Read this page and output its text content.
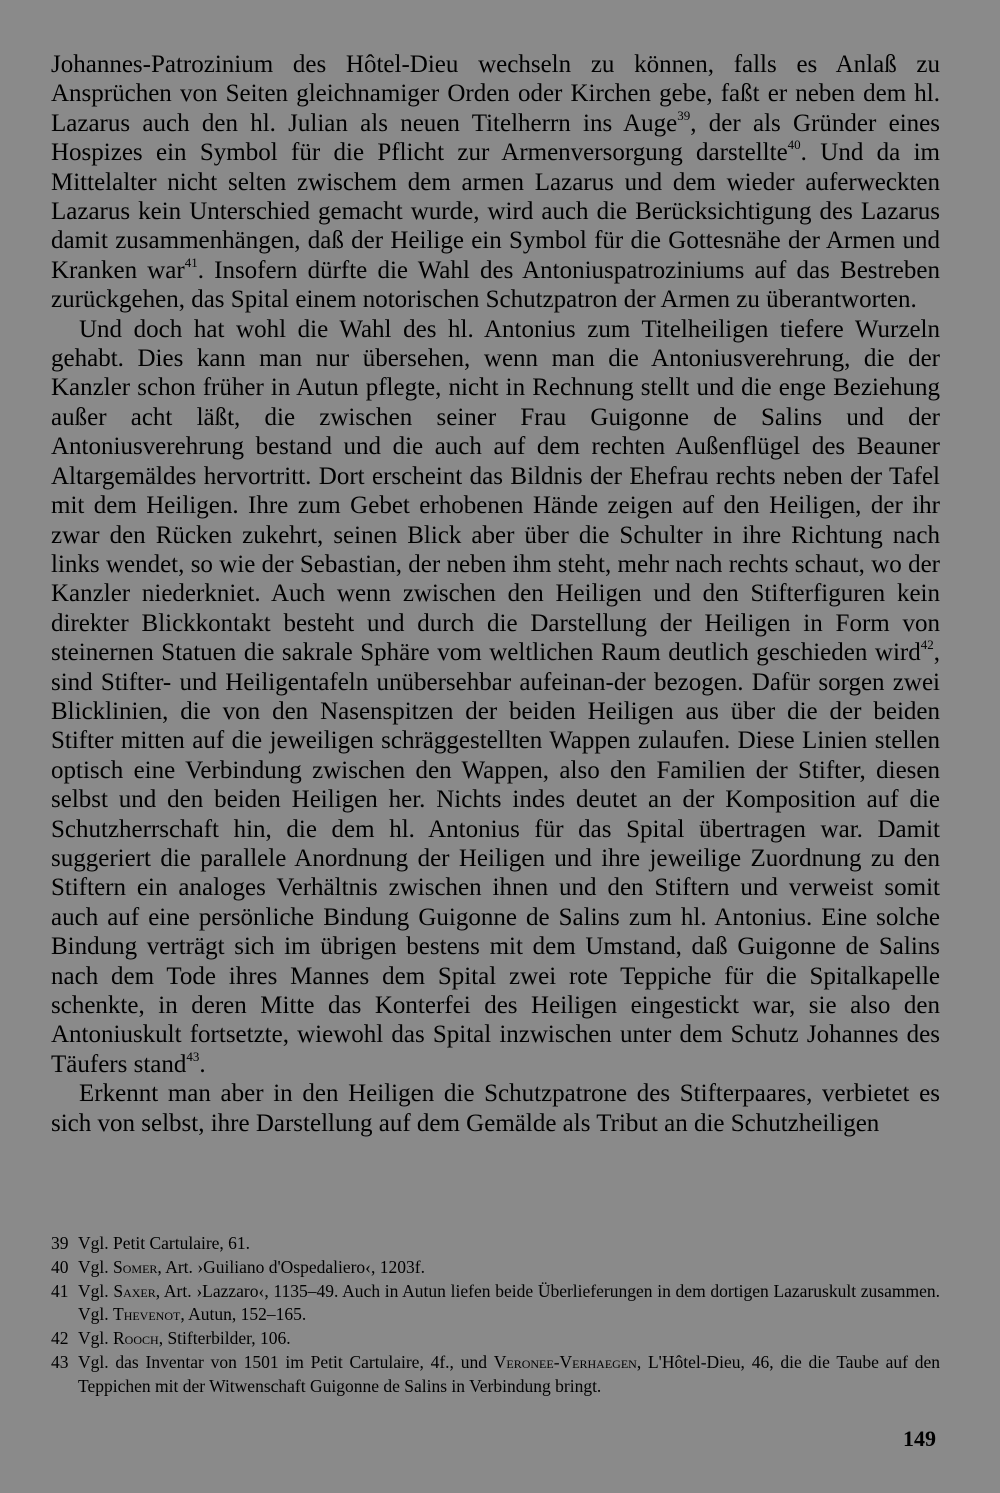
Johannes-Patrozinium des Hôtel-Dieu wechseln zu können, falls es Anlaß zu Ansprüchen von Seiten gleichnamiger Orden oder Kirchen gebe, faßt er neben dem hl. Lazarus auch den hl. Julian als neuen Titelherrn ins Auge$^{39}$, der als Gründer eines Hospizes ein Symbol für die Pflicht zur Armenversorgung darstellte$^{40}$. Und da im Mittelalter nicht selten zwischem dem armen Lazarus und dem wieder auferweckten Lazarus kein Unterschied gemacht wurde, wird auch die Berücksichtigung des Lazarus damit zusammenhängen, daß der Heilige ein Symbol für die Gottesnähe der Armen und Kranken war$^{41}$. Insofern dürfte die Wahl des Antoniuspatroziniums auf das Bestreben zurückgehen, das Spital einem notorischen Schutzpatron der Armen zu überantworten.

Und doch hat wohl die Wahl des hl. Antonius zum Titelheiligen tiefere Wurzeln gehabt. Dies kann man nur übersehen, wenn man die Antoniusverehrung, die der Kanzler schon früher in Autun pflegte, nicht in Rechnung stellt und die enge Beziehung außer acht läßt, die zwischen seiner Frau Guigonne de Salins und der Antoniusverehrung bestand und die auch auf dem rechten Außenflügel des Beauner Altargemäldes hervortritt. Dort erscheint das Bildnis der Ehefrau rechts neben der Tafel mit dem Heiligen. Ihre zum Gebet erhobenen Hände zeigen auf den Heiligen, der ihr zwar den Rücken zukehrt, seinen Blick aber über die Schulter in ihre Richtung nach links wendet, so wie der Sebastian, der neben ihm steht, mehr nach rechts schaut, wo der Kanzler niederkniet. Auch wenn zwischen den Heiligen und den Stifterfiguren kein direkter Blickkontakt besteht und durch die Darstellung der Heiligen in Form von steinernen Statuen die sakrale Sphäre vom weltlichen Raum deutlich geschieden wird$^{42}$, sind Stifter- und Heiligentafeln unübersehbar aufeinan-der bezogen. Dafür sorgen zwei Blicklinien, die von den Nasenspitzen der beiden Heiligen aus über die der beiden Stifter mitten auf die jeweiligen schräggestellten Wappen zulaufen. Diese Linien stellen optisch eine Verbindung zwischen den Wappen, also den Familien der Stifter, diesen selbst und den beiden Heiligen her. Nichts indes deutet an der Komposition auf die Schutzherrschaft hin, die dem hl. Antonius für das Spital übertragen war. Damit suggeriert die parallele Anordnung der Heiligen und ihre jeweilige Zuordnung zu den Stiftern ein analoges Verhältnis zwischen ihnen und den Stiftern und verweist somit auch auf eine persönliche Bindung Guigonne de Salins zum hl. Antonius. Eine solche Bindung verträgt sich im übrigen bestens mit dem Umstand, daß Guigonne de Salins nach dem Tode ihres Mannes dem Spital zwei rote Teppiche für die Spitalkapelle schenkte, in deren Mitte das Konterfei des Heiligen eingestickt war, sie also den Antoniuskult fortsetzte, wiewohl das Spital inzwischen unter dem Schutz Johannes des Täufers stand$^{43}$.

Erkennt man aber in den Heiligen die Schutzpatrone des Stifterpaares, verbietet es sich von selbst, ihre Darstellung auf dem Gemälde als Tribut an die Schutzheiligen

39 Vgl. Petit Cartulaire, 61.
40 Vgl. Somer, Art. ›Guiliano d'Ospedaliero‹, 1203f.
41 Vgl. Saxer, Art. ›Lazzaro‹, 1135–49. Auch in Autun liefen beide Überlieferungen in dem dortigen Lazaruskult zusammen. Vgl. Thevenot, Autun, 152–165.
42 Vgl. Rooch, Stifterbilder, 106.
43 Vgl. das Inventar von 1501 im Petit Cartulaire, 4f., und Veronee-Verhaegen, L'Hôtel-Dieu, 46, die die Taube auf den Teppichen mit der Witwenschaft Guigonne de Salins in Verbindung bringt.
149
